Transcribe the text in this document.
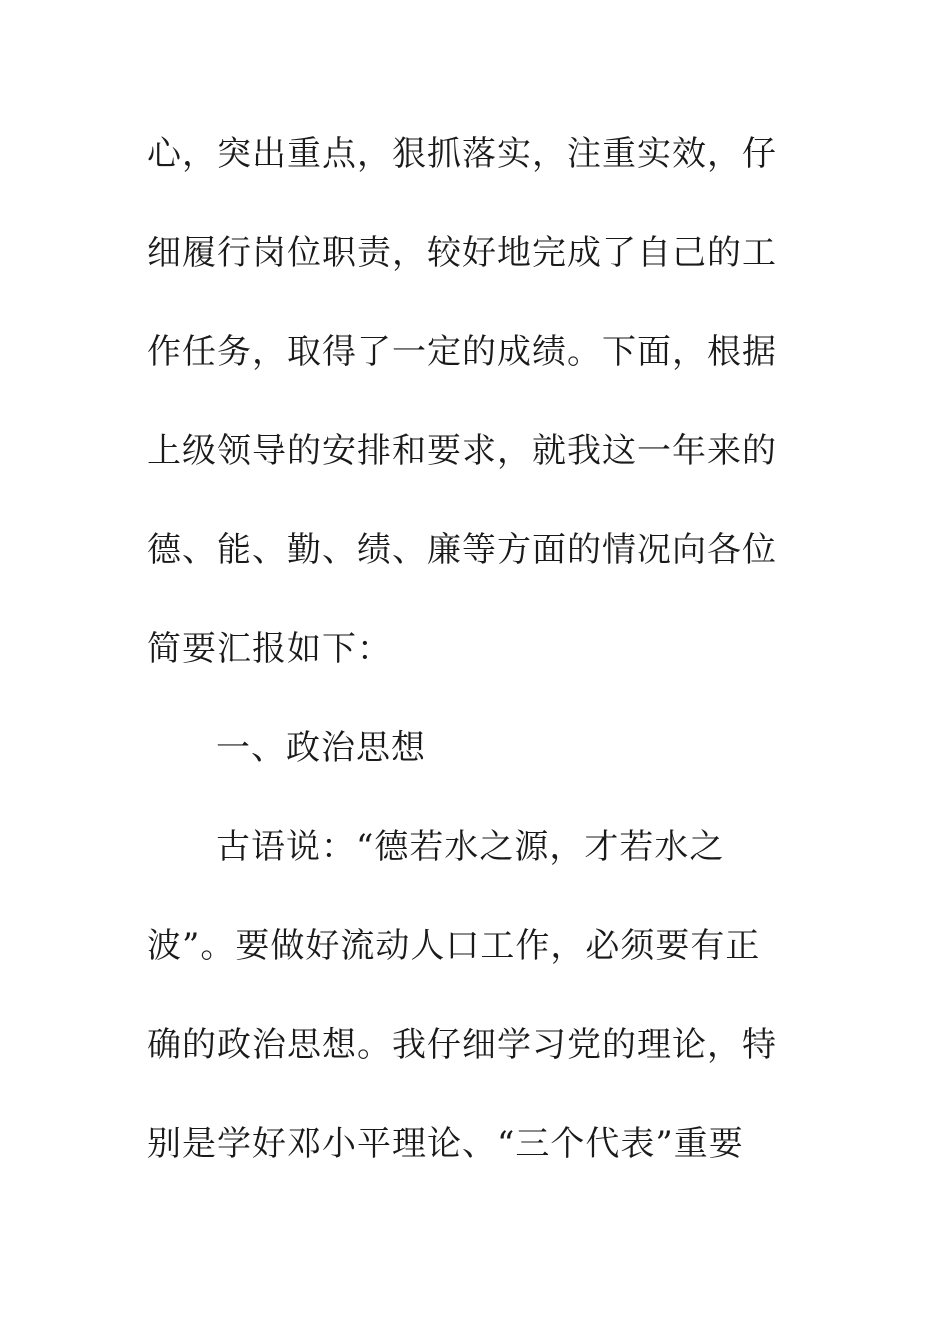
心，突出重点，狠抓落实，注重实效，仔
细履行岗位职责，较好地完成了自己的工
作任务，取得了一定的成绩。下面，根据
上级领导的安排和要求，就我这一年来的
德、能、勤、绩、廉等方面的情况向各位
简要汇报如下：
一、政治思想
古语说：“德若水之源，才若水之
波”。要做好流动人口工作，必须要有正
确的政治思想。我仔细学习党的理论，特
别是学好邓小平理论、“三个代表”重要
